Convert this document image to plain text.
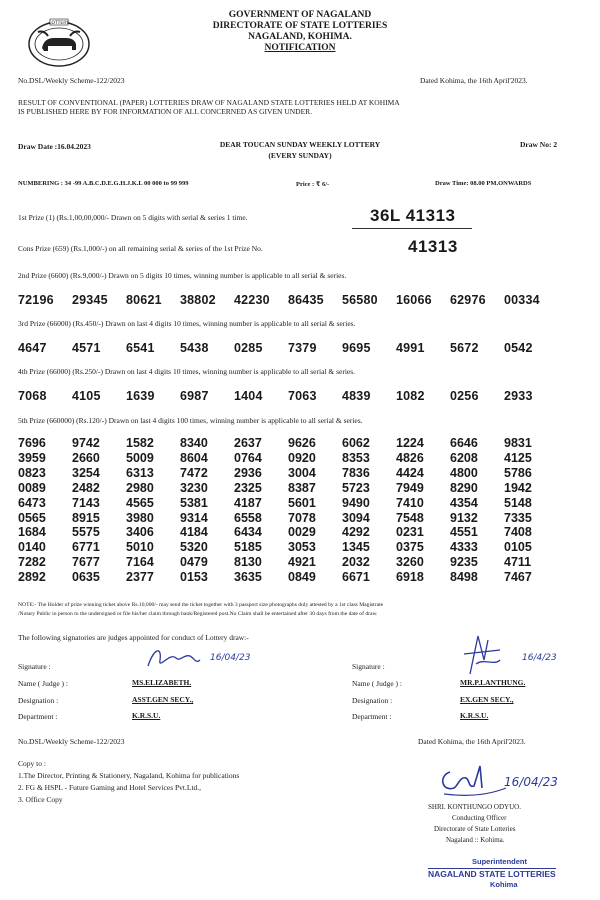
LOTTERY
GOVERNMENT OF NAGALAND
DIRECTORATE OF STATE LOTTERIES
NAGALAND, KOHIMA.
NOTIFICATION
No.DSL/Weekly Scheme-122/2023	Dated Kohima, the 16th April'2023.
RESULT OF CONVENTIONAL (PAPER) LOTTERIES DRAW OF NAGALAND STATE LOTTERIES HELD AT KOHIMA
IS PUBLISHED HERE BY FOR INFORMATION OF ALL CONCERNED AS GIVEN UNDER.
Draw Date :16.04.2023	DEAR TOUCAN SUNDAY WEEKLY LOTTERY
(EVERY SUNDAY)
Draw No: 2
NUMBERING : 34 -99 A.B.C.D.E.G.H.J.K.L 00 000 to 99 999	Price : ₹ 6/-	Draw Time: 08.00 PM.ONWARDS
1st Prize (1) (Rs.1,00,00,000/- Drawn on 5 digits with serial & series 1 time.	36L 41313
Cons Prize (659) (Rs.1,000/-) on all remaining serial & series of the 1st Prize No.	41313
2nd Prize (6600) (Rs.9,000/-) Drawn on 5 digits 10 times, winning number is applicable to all serial & series.
72196	29345	80621	38802	42230	86435	56580	16066	62976	00334
3rd Prize (66000) (Rs.450/-) Drawn on last 4 digits 10 times, winning number is applicable to all serial & series.
4647	4571	6541	5438	0285	7379	9695	4991	5672	0542
4th Prize (66000) (Rs.250/-) Drawn on last 4 digits 10 times, winning number is applicable to all serial & series.
7068	4105	1639	6987	1404	7063	4839	1082	0256	2933
5th Prize (660000) (Rs.120/-) Drawn on last 4 digits 100 times, winning number is applicable to all serial & series.
7696	9742	1582	8340	2637	9626	6062	1224	6646	9831
3959	2660	5009	8604	0764	0920	8353	4826	6208	4125
0823	3254	6313	7472	2936	3004	7836	4424	4800	5786
0089	2482	2980	3230	2325	8387	5723	7949	8290	1942
6473	7143	4565	5381	4187	5601	9490	7410	4354	5148
0565	8915	3980	9314	6558	7078	3094	7548	9132	7335
1684	5575	3406	4184	6434	0029	4292	0231	4551	7408
0140	6771	5010	5320	5185	3053	1345	0375	4333	0105
7282	7677	7164	0479	8130	4921	2032	3260	9235	4711
2892	0635	2377	0153	3635	0849	6671	6918	8498	7467
NOTE:- The Holder of prize winning ticket above Rs.10,000/- may send the ticket together with 3 passport size photographs duly attested by a 1st class Magistrate
/Notary Public in person to the undersigned or file his/her claim through bank/Registered post.No Claim shall be entertained after 30 days from the date of draw.
The following signatories are judges appointed for conduct of Lottery draw:-
Signature :
16/04/23
Name ( Judge ) :	MS.ELIZABETH.
Designation :	ASST.GEN SECY.,
Department :	K.R.S.U.
Signature :
16/4/23
Name ( Judge ) :	MR.P.LANTHUNG.
Designation :	EX.GEN SECY.,
Department :	K.R.S.U.
No.DSL/Weekly Scheme-122/2023	Dated Kohima, the 16th April'2023.
Copy to :
1.The Director, Printing & Stationery, Nagaland, Kohima for publications
2. FG & HSPL - Future Gaming and Hotel Services Pvt.Ltd.,
3. Office Copy
16/04/23
SHRI. KONTHUNGO ODYUO.
Conducting Officer
Directorate of State Lotteries
Nagaland :: Kohima.
Superintendent
NAGALAND STATE LOTTERIES
Kohima
